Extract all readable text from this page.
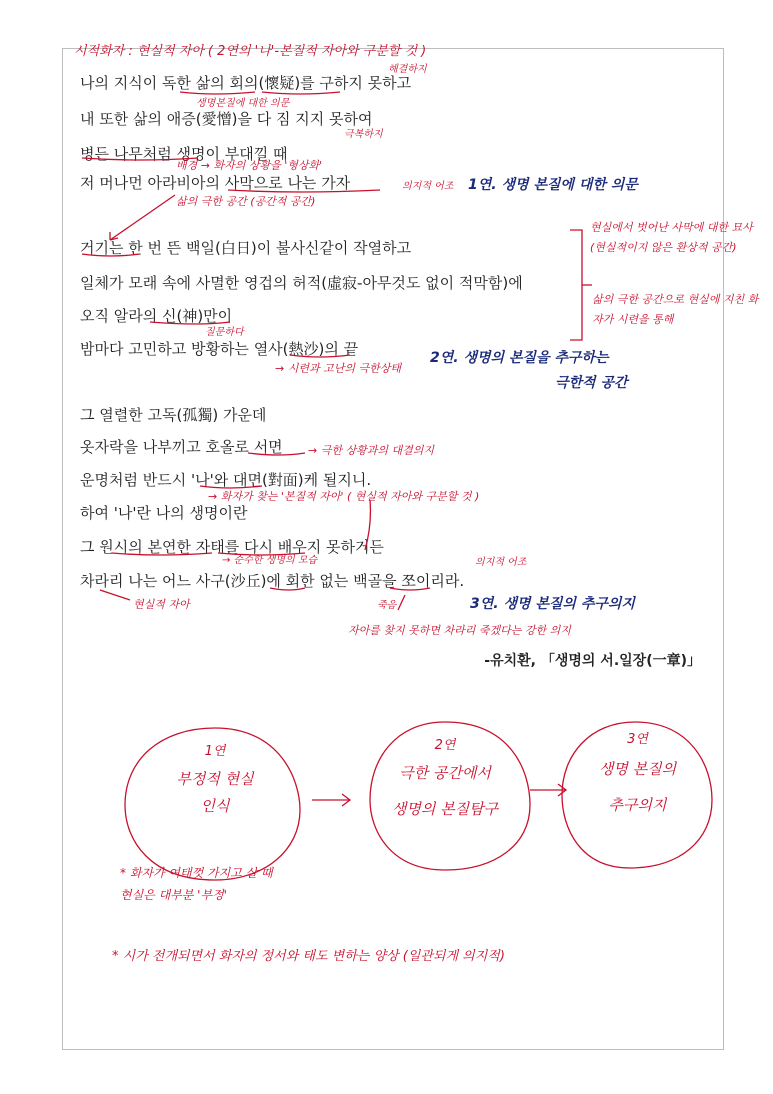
시적화자 : 현실적 자아 ( 2연의 '나'-본질적 자아와 구분할 것 )
나의 지식이 독한 삶의 회의(懷疑)를 구하지 못하고
내 또한 삶의 애증(愛憎)을 다 짐 지지 못하여
병든 나무처럼 생명이 부대낄 때
저 머나먼 아라비아의 사막으로 나는 가자
거기는 한 번 뜬 백일(白日)이 불사신같이 작열하고
일체가 모래 속에 사멸한 영겁의 허적(虛寂-아무것도 없이 적막함)에
오직 알라의 신(神)만이
밤마다 고민하고 방황하는 열사(熱沙)의 끝
그 열렬한 고독(孤獨) 가운데
옷자락을 나부끼고 호올로 서면
운명처럼 반드시 '나'와 대면(對面)케 될지니.
하여 '나'란 나의 생명이란
그 원시의 본연한 자태를 다시 배우지 못하거든
차라리 나는 어느 사구(沙丘)에 회한 없는 백골을 쪼이리라.
-유치환, 「생명의 서.일장(一章)」
해결하지
생명본질에 대한 의문
극복하지
배경 → 화자의 상황을 '형상화'
의지적 어조
삶의 극한 공간 (공간적 공간)
질문하다
→ 시련과 고난의 극한상태
→ 극한 상황과의 대결의지
→ 화자가 찾는 '본질적 자아' ( 현실적 자아와 구분할 것 )
→ 순수한 생명의 모습	의지적 어조
현실적 자아	죽음
자아를 찾지 못하면 차라리 죽겠다는 강한 의지
현실에서 벗어난 사막에 대한 묘사 (현실적이지 않은 환상적 공간)
삶의 극한 공간으로 현실에 지친 화자가 시련을 통해
1연. 생명 본질에 대한 의문
2연. 생명의 본질을 추구하는
극한적 공간
3연. 생명 본질의 추구의지
1연
부정적 현실
인식
2연
극한 공간에서
생명의 본질탐구
3연
생명 본질의
추구의지
* 화자가 여태껏 가지고 살 때 현실은 대부분 '부정'
* 시가 전개되면서 화자의 정서와 태도 변하는 양상 (일관되게 의지적)
